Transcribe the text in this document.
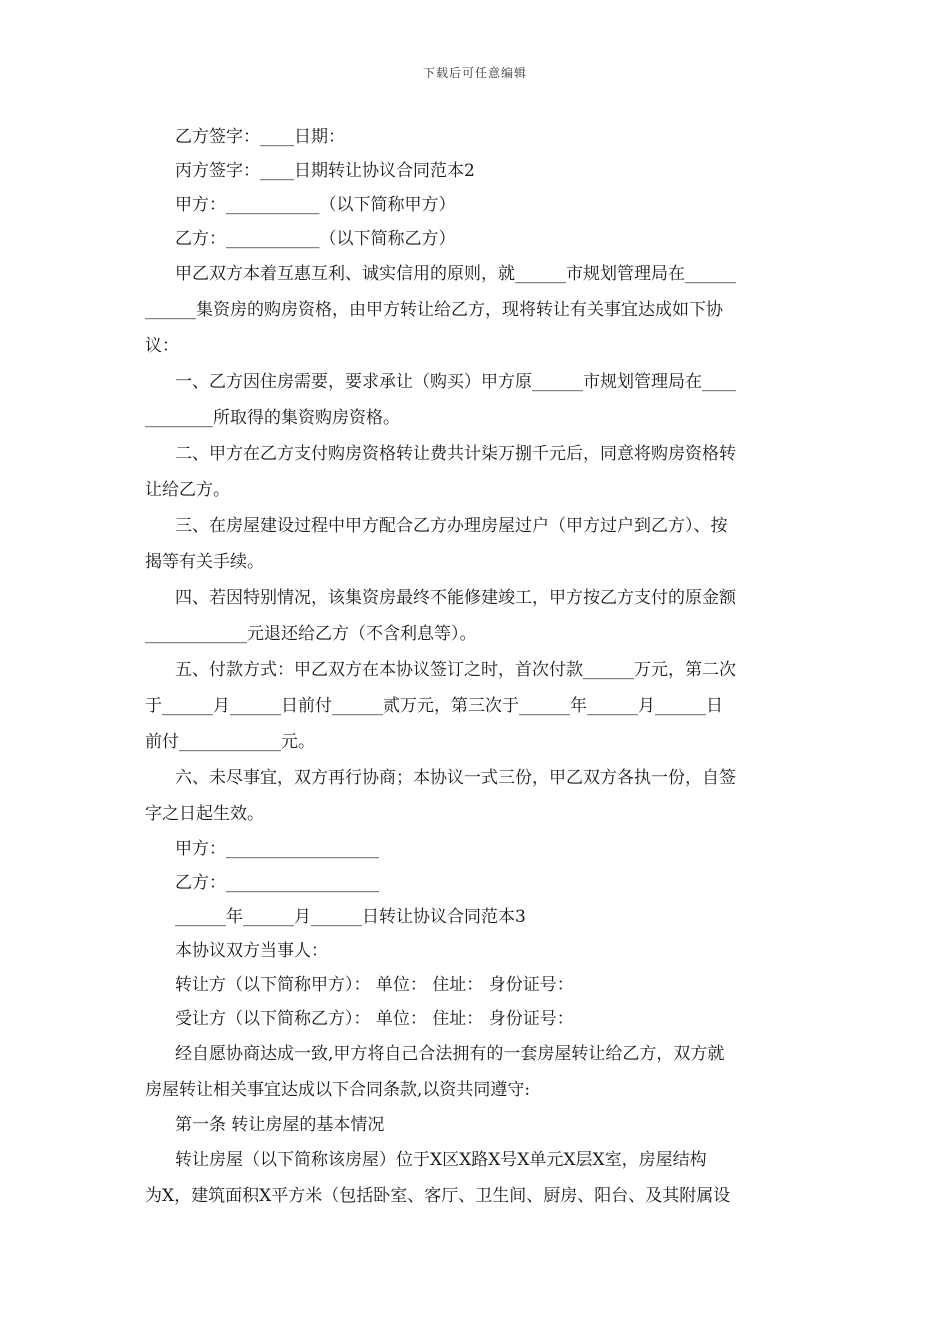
下载后可任意编辑
乙方签字：____日期：
丙方签字：____日期转让协议合同范本2
甲方：___________（以下简称甲方）
乙方：___________（以下简称乙方）
甲乙双方本着互惠互利、诚实信用的原则，就______市规划管理局在______
______集资房的购房资格，由甲方转让给乙方，现将转让有关事宜达成如下协
议：
一、乙方因住房需要，要求承让（购买）甲方原______市规划管理局在____
________所取得的集资购房资格。
二、甲方在乙方支付购房资格转让费共计柒万捌千元后，同意将购房资格转
让给乙方。
三、在房屋建设过程中甲方配合乙方办理房屋过户（甲方过户到乙方）、按
揭等有关手续。
四、若因特别情况，该集资房最终不能修建竣工，甲方按乙方支付的原金额
____________元退还给乙方（不含利息等）。
五、付款方式：甲乙双方在本协议签订之时，首次付款______万元，第二次
于______月______日前付______贰万元，第三次于______年______月______日
前付____________元。
六、未尽事宜，双方再行协商；本协议一式三份，甲乙双方各执一份，自签
字之日起生效。
甲方：__________________
乙方：__________________
______年______月______日转让协议合同范本3
本协议双方当事人：
转让方（以下简称甲方）： 单位： 住址： 身份证号：
受让方（以下简称乙方）： 单位： 住址： 身份证号：
经自愿协商达成一致,甲方将自己合法拥有的一套房屋转让给乙方，双方就
房屋转让相关事宜达成以下合同条款,以资共同遵守:
第一条 转让房屋的基本情况
转让房屋（以下简称该房屋）位于X区X路X号X单元X层X室，房屋结构
为X，建筑面积X平方米（包括卧室、客厅、卫生间、厨房、阳台、及其附属设
